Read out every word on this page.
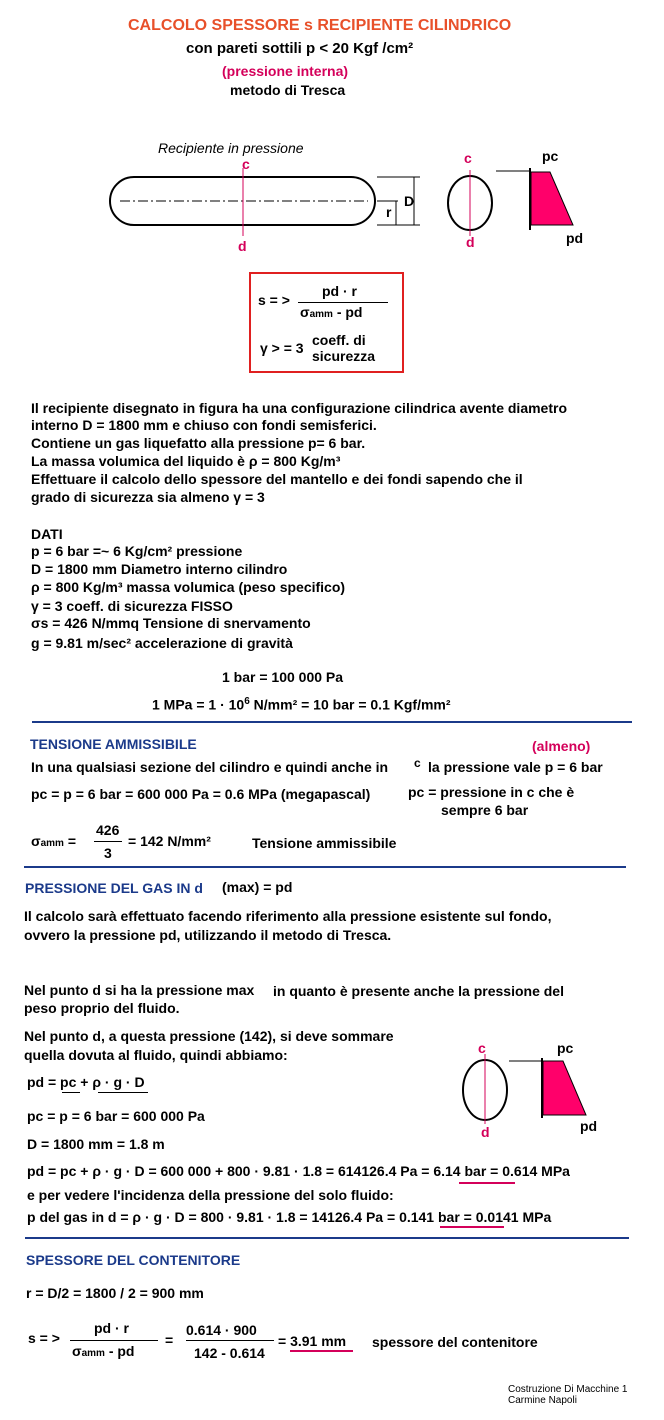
CALCOLO SPESSORE s RECIPIENTE CILINDRICO
con pareti sottili p < 20 Kgf /cm²
(pressione interna)
metodo di Tresca
Recipiente in pressione
c
d
D
r
c
d
pc
pd
s = >
pd · r
σamm - pd
γ > = 3 coeff. di
sicurezza
Il recipiente disegnato in figura ha una configurazione cilindrica avente diametro
interno D = 1800 mm e chiuso con fondi semisferici.
Contiene un gas liquefatto alla pressione p= 6 bar.
La massa volumica del liquido è ρ = 800 Kg/m³
Effettuare il calcolo dello spessore del mantello e dei fondi sapendo che il
grado di sicurezza sia almeno γ = 3
DATI
p = 6 bar =~ 6 Kg/cm² pressione
D = 1800 mm Diametro interno cilindro
ρ = 800 Kg/m³ massa volumica (peso specifico)
γ = 3 coeff. di sicurezza FISSO
σs = 426 N/mmq Tensione di snervamento
g = 9.81 m/sec² accelerazione di gravità
1 bar = 100 000 Pa
1 MPa = $1 \cdot 10^6$ N/mm² = 10 bar = 0.1 Kgf/mm²
TENSIONE AMMISSIBILE	(almeno)
In una qualsiasi sezione del cilindro e quindi anche in c la pressione vale p = 6 bar
pc = p = 6 bar = 600 000 Pa = 0.6 MPa (megapascal)	pc = pressione in c che è
sempre 6 bar
σamm =
426
3
= 142 N/mm²	Tensione ammissibile
PRESSIONE DEL GAS IN d (max) = pd
Il calcolo sarà effettuato facendo riferimento alla pressione esistente sul fondo,
ovvero la pressione pd, utilizzando il metodo di Tresca.
Nel punto d si ha la pressione max in quanto è presente anche la pressione del
peso proprio del fluido.
Nel punto d, a questa pressione (142), si deve sommare
quella dovuta al fluido, quindi abbiamo:
pd = pc + ρ · g · D
pc = p = 6 bar = 600 000 Pa
D = 1800 mm = 1.8 m
pd = pc + ρ · g · D = 600 000 + 800 · 9.81 · 1.8 = 614126.4 Pa = 6.14 bar = 0.614 MPa
e per vedere l'incidenza della pressione del solo fluido:
p del gas in d = ρ · g · D = 800 · 9.81 · 1.8 = 14126.4 Pa = 0.141 bar = 0.0141 MPa
c
d
pc
pd
SPESSORE DEL CONTENITORE
r = D/2 = 1800 / 2 = 900 mm
s = >
pd · r
σamm - pd
=
0.614 · 900
142 - 0.614
= 3.91 mm spessore del contenitore
Costruzione Di Macchine 1
Carmine Napoli
